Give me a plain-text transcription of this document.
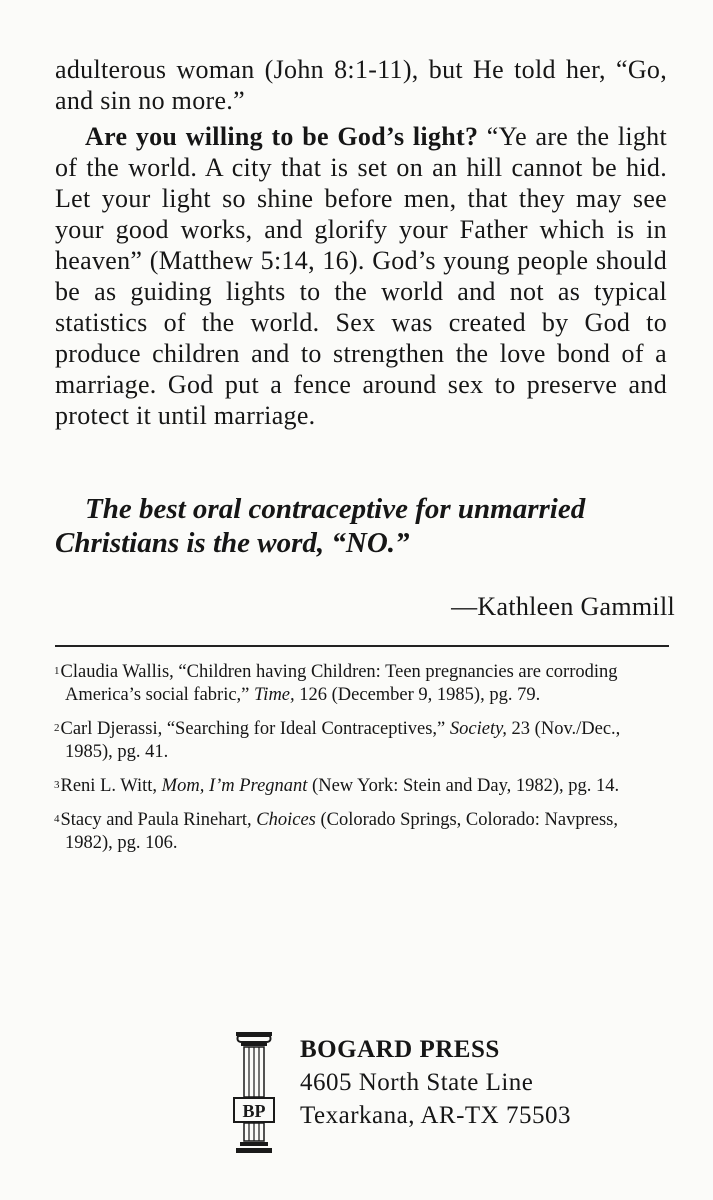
adulterous woman (John 8:1-11), but He told her, “Go, and sin no more.”

Are you willing to be God’s light? “Ye are the light of the world. A city that is set on an hill cannot be hid. Let your light so shine before men, that they may see your good works, and glorify your Father which is in heaven” (Matthew 5:14, 16). God’s young people should be as guiding lights to the world and not as typical statistics of the world. Sex was created by God to produce children and to strengthen the love bond of a marriage. God put a fence around sex to preserve and protect it until marriage.

The best oral contraceptive for unmarried Christians is the word, “NO.”

—Kathleen Gammill

$^1$Claudia Wallis, “Children having Children: Teen pregnancies are corroding America’s social fabric,” Time, 126 (December 9, 1985), pg. 79.

$^2$Carl Djerassi, “Searching for Ideal Contraceptives,” Society, 23 (Nov./Dec., 1985), pg. 41.

$^3$Reni L. Witt, Mom, I’m Pregnant (New York: Stein and Day, 1982), pg. 14.

$^4$Stacy and Paula Rinehart, Choices (Colorado Springs, Colorado: Navpress, 1982), pg. 106.

BP
BOGARD PRESS
4605 North State Line
Texarkana, AR-TX 75503
